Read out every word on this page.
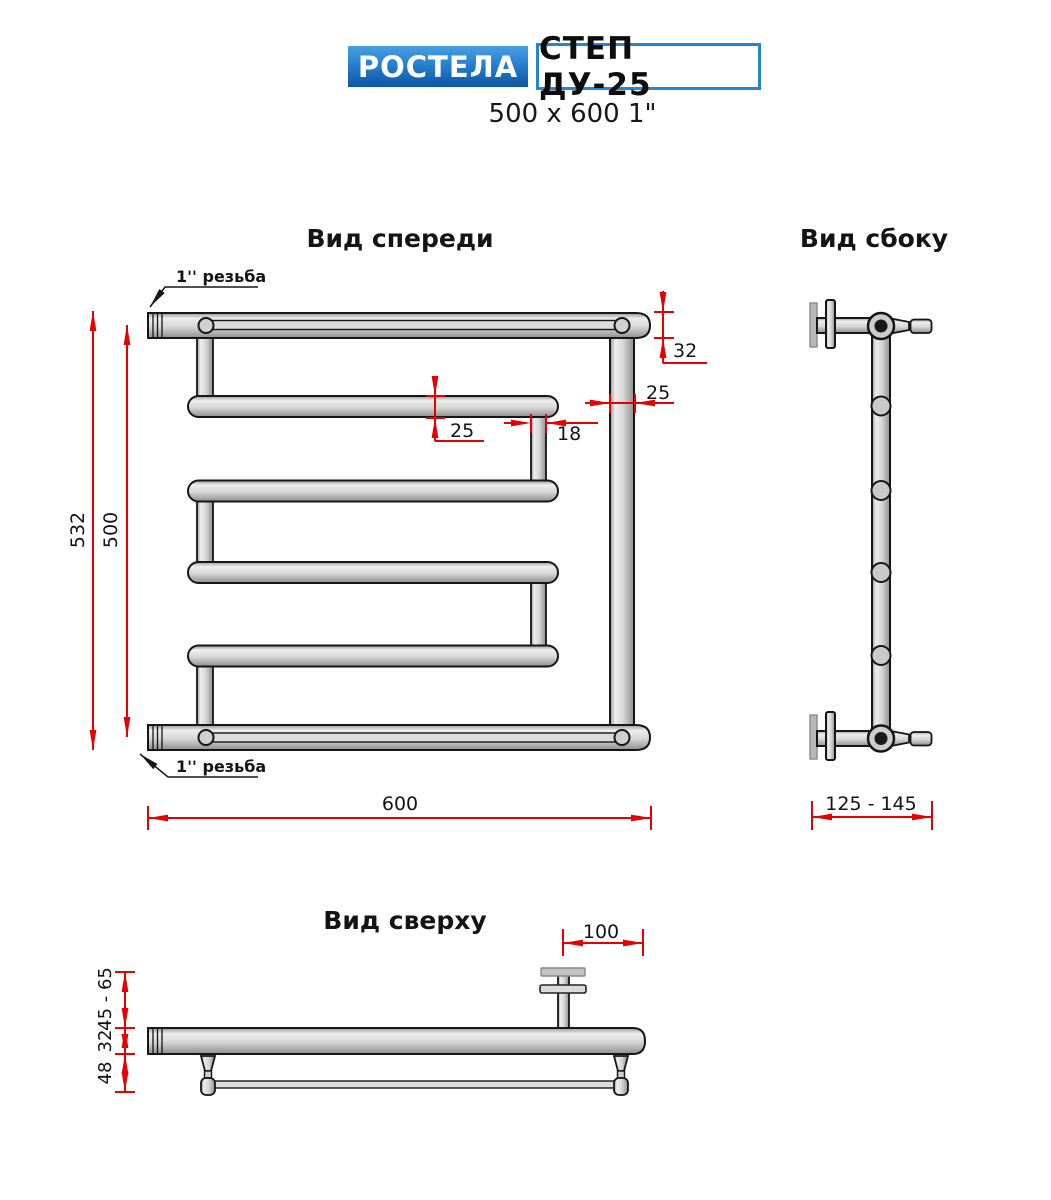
РОСТЕЛА СТЕП ДУ-25
500 x 600 1"
Вид спереди
532 500
600
32
25
25	18
1'' резьба
1'' резьба
Вид сбоку
125 - 145
Вид сверху	100
45 - 65
32
48
